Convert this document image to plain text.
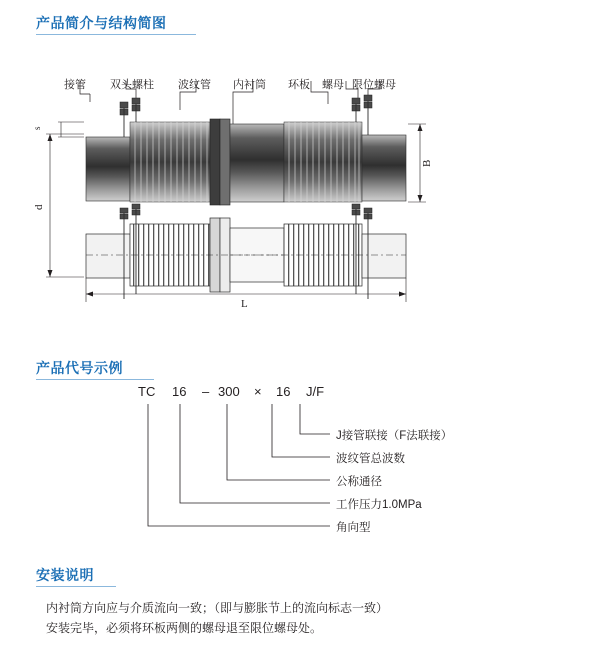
产品简介与结构简图
接管 双头螺柱 波纹管 内衬筒 环板 螺母 限位螺母
s
d
B
L
产品代号示例
TC 16 – 300 × 16 J/F
J接管联接（F法联接）
波纹管总波数
公称通径
工作压力1.0MPa
角向型
安装说明
内衬筒方向应与介质流向一致；（即与膨胀节上的流向标志一致）
安装完毕，必须将环板两侧的螺母退至限位螺母处。
